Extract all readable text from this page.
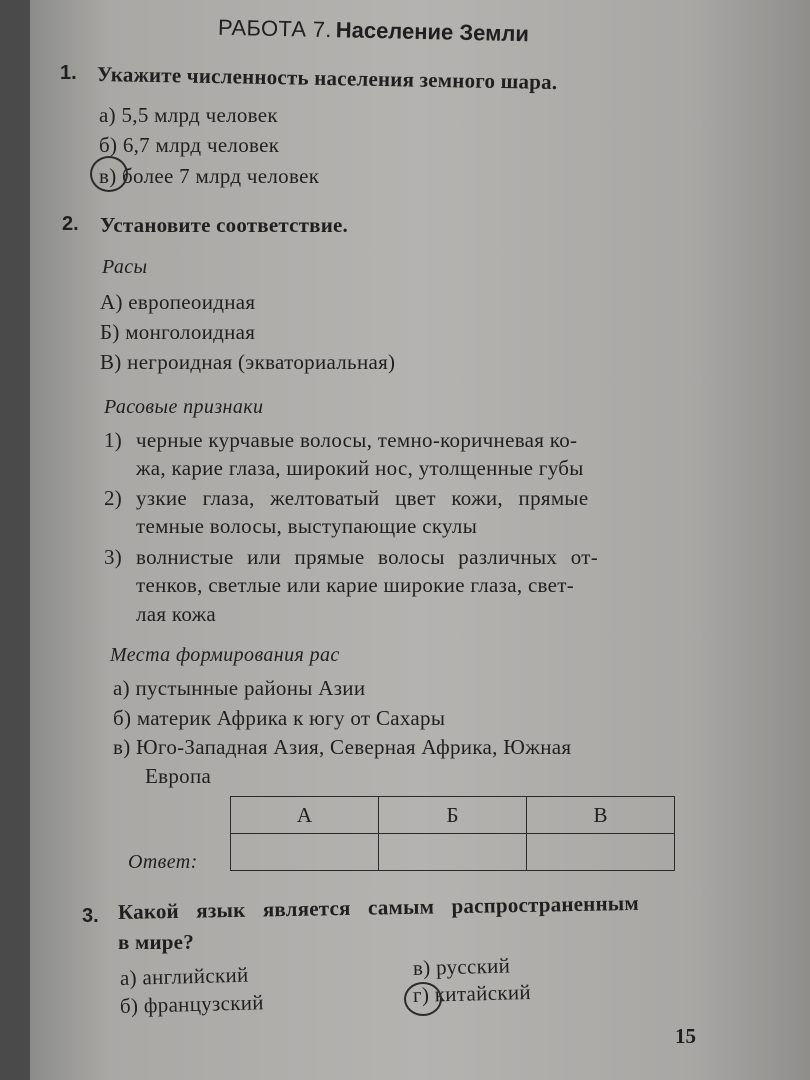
РАБОТА 7. Население Земли
1. Укажите численность населения земного шара.
а) 5,5 млрд человек
б) 6,7 млрд человек
в) более 7 млрд человек
2. Установите соответствие.
Расы
А) европеоидная
Б) монголоидная
В) негроидная (экваториальная)
Расовые признаки
1) черные курчавые волосы, темно-коричневая ко-
жа, карие глаза, широкий нос, утолщенные губы
2) узкие глаза, желтоватый цвет кожи, прямые
темные волосы, выступающие скулы
3) волнистые или прямые волосы различных от-
тенков, светлые или карие широкие глаза, свет-
лая кожа
Места формирования рас
а) пустынные районы Азии
б) материк Африка к югу от Сахары
в) Юго-Западная Азия, Северная Африка, Южная
Европа
Ответ:
А	Б	В

3. Какой язык является самым распространенным
в мире?
а) английский
б) французский
в) русский
г) китайский
15
